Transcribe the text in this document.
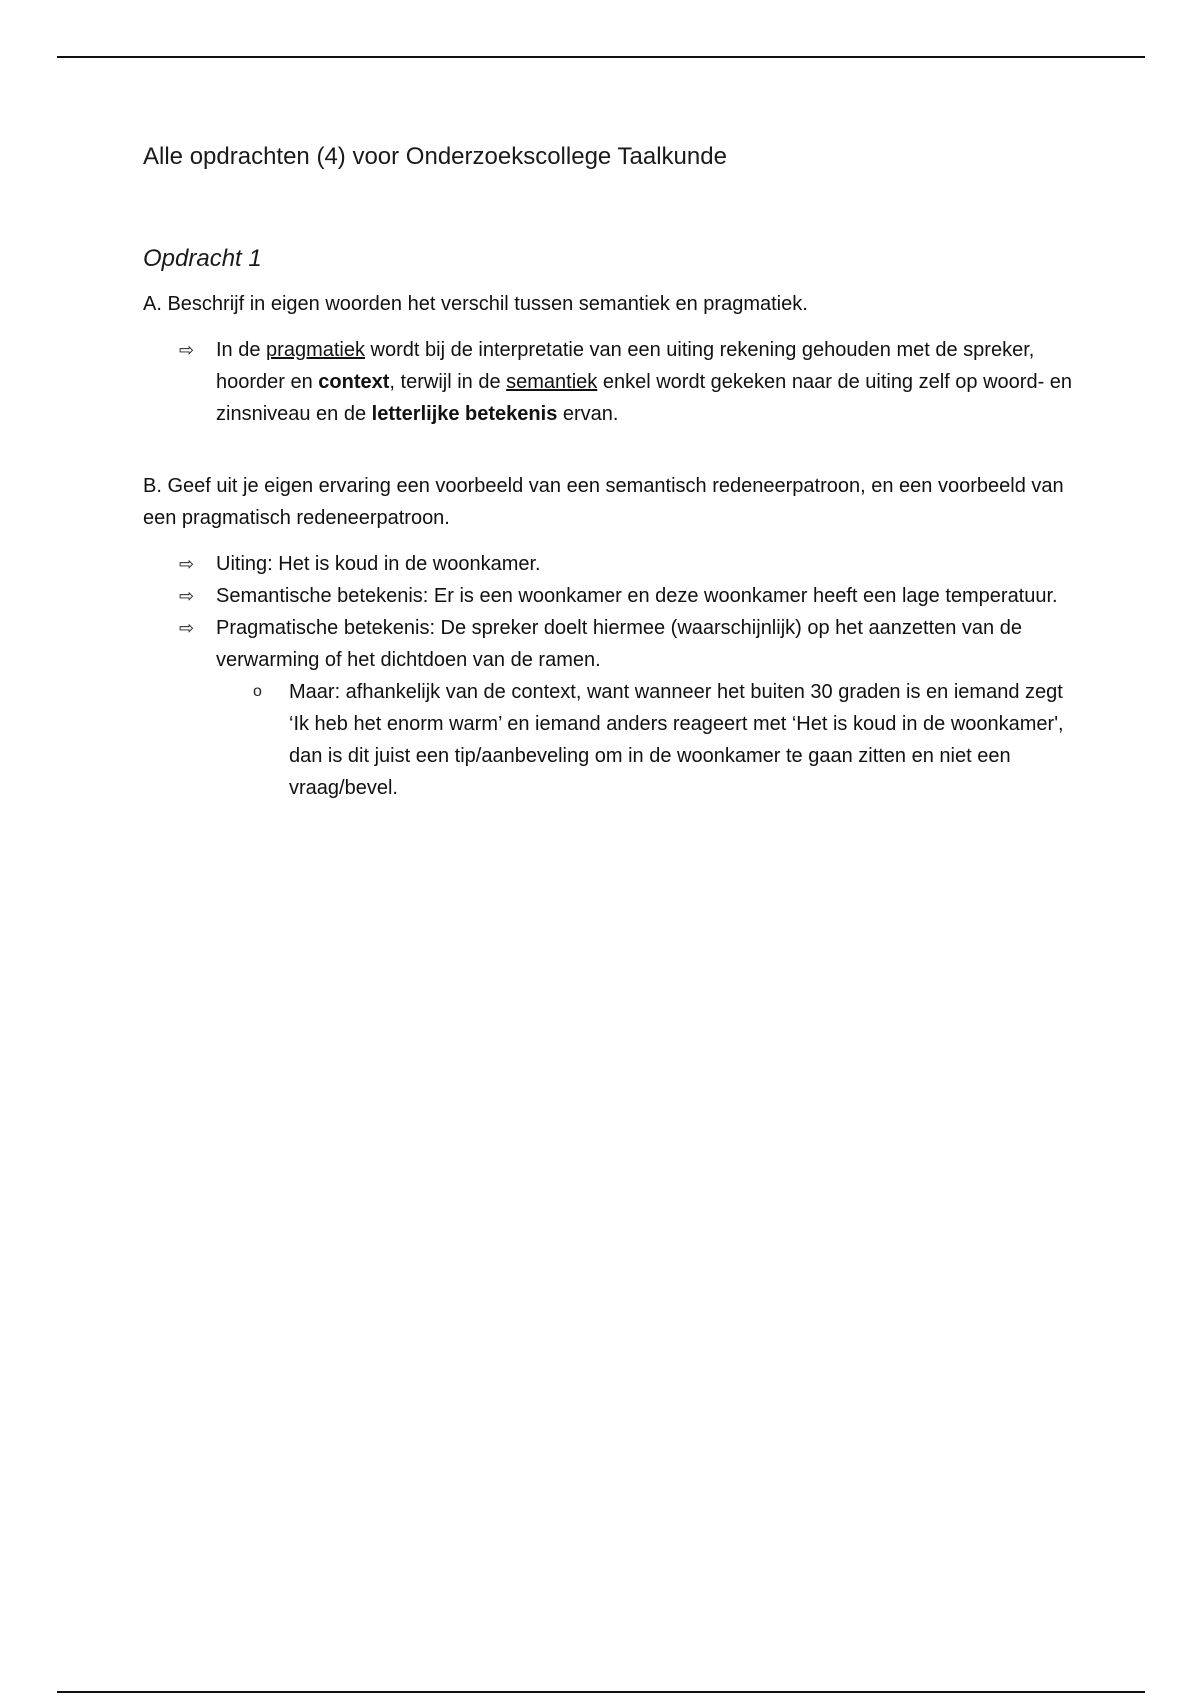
Alle opdrachten (4) voor Onderzoekscollege Taalkunde
Opdracht 1

A. Beschrijf in eigen woorden het verschil tussen semantiek en pragmatiek.

⇨ In de pragmatiek wordt bij de interpretatie van een uiting rekening gehouden met de spreker, hoorder en context, terwijl in de semantiek enkel wordt gekeken naar de uiting zelf op woord- en zinsniveau en de letterlijke betekenis ervan.

B. Geef uit je eigen ervaring een voorbeeld van een semantisch redeneerpatroon, en een voorbeeld van een pragmatisch redeneerpatroon.

⇨ Uiting: Het is koud in de woonkamer.
⇨ Semantische betekenis: Er is een woonkamer en deze woonkamer heeft een lage temperatuur.
⇨ Pragmatische betekenis: De spreker doelt hiermee (waarschijnlijk) op het aanzetten van de verwarming of het dichtdoen van de ramen.
o Maar: afhankelijk van de context, want wanneer het buiten 30 graden is en iemand zegt ‘Ik heb het enorm warm’ en iemand anders reageert met ‘Het is koud in de woonkamer', dan is dit juist een tip/aanbeveling om in de woonkamer te gaan zitten en niet een vraag/bevel.
